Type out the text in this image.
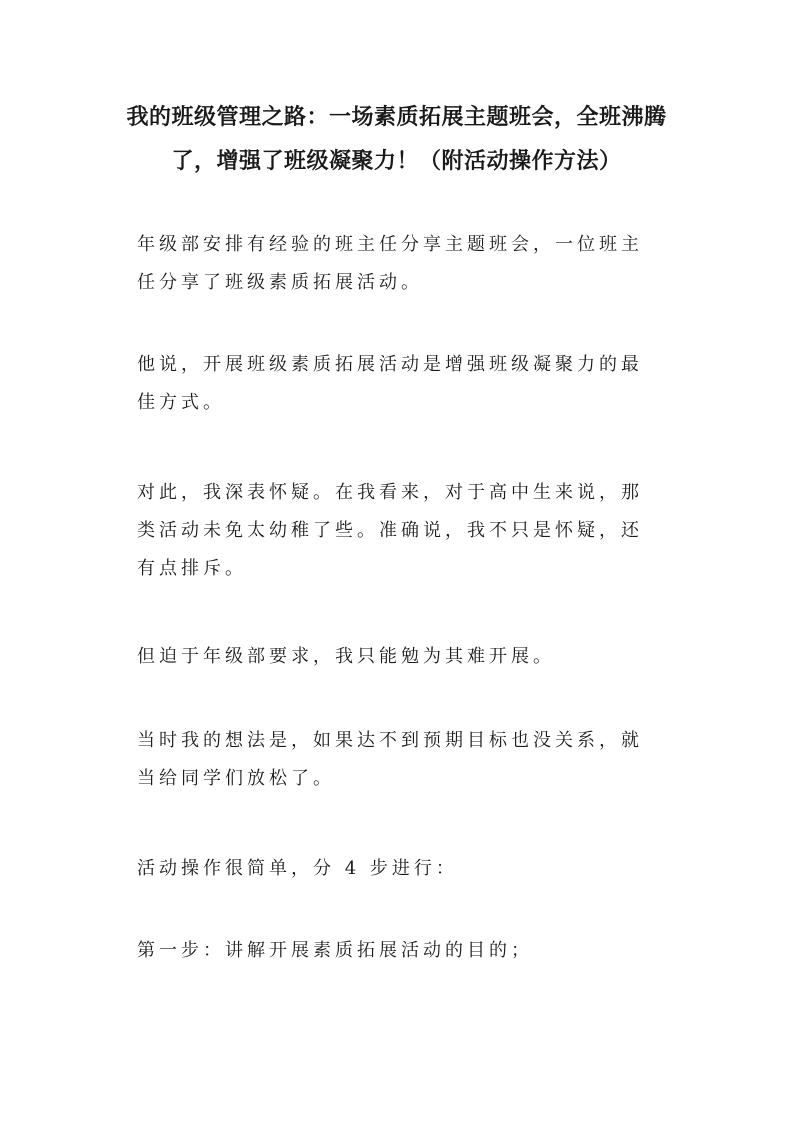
我的班级管理之路：一场素质拓展主题班会，全班沸腾了，增强了班级凝聚力！（附活动操作方法）

年级部安排有经验的班主任分享主题班会，一位班主任分享了班级素质拓展活动。

他说，开展班级素质拓展活动是增强班级凝聚力的最佳方式。

对此，我深表怀疑。在我看来，对于高中生来说，那类活动未免太幼稚了些。准确说，我不只是怀疑，还有点排斥。

但迫于年级部要求，我只能勉为其难开展。

当时我的想法是，如果达不到预期目标也没关系，就当给同学们放松了。

活动操作很简单，分 4 步进行：

第一步：讲解开展素质拓展活动的目的；
